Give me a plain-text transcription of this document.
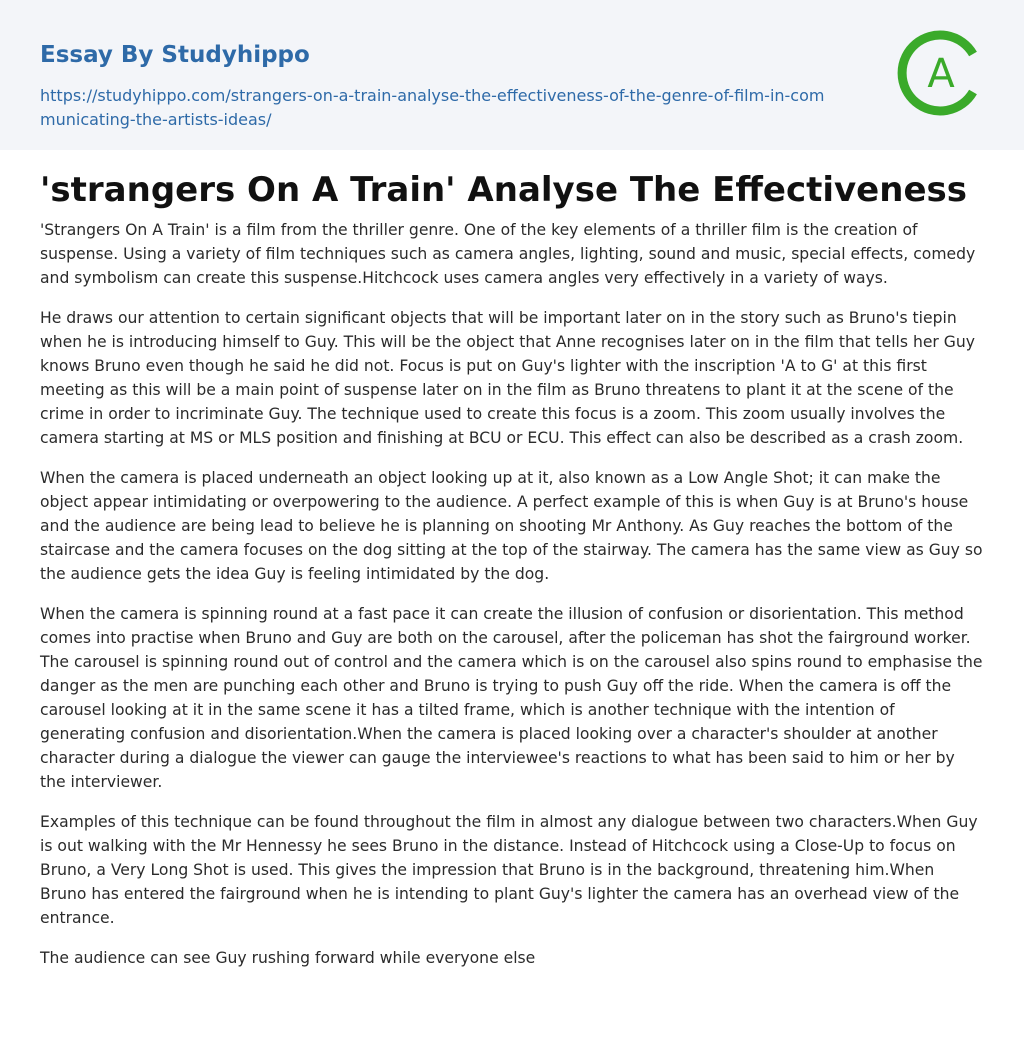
Essay By Studyhippo
https://studyhippo.com/strangers-on-a-train-analyse-the-effectiveness-of-the-genre-of-film-in-communicating-the-artists-ideas/
A
'strangers On A Train' Analyse The Effectiveness

'Strangers On A Train' is a film from the thriller genre. One of the key elements of a thriller film is the creation of suspense. Using a variety of film techniques such as camera angles, lighting, sound and music, special effects, comedy and symbolism can create this suspense.Hitchcock uses camera angles very effectively in a variety of ways.

He draws our attention to certain significant objects that will be important later on in the story such as Bruno's tiepin when he is introducing himself to Guy. This will be the object that Anne recognises later on in the film that tells her Guy knows Bruno even though he said he did not. Focus is put on Guy's lighter with the inscription 'A to G' at this first meeting as this will be a main point of suspense later on in the film as Bruno threatens to plant it at the scene of the crime in order to incriminate Guy. The technique used to create this focus is a zoom. This zoom usually involves the camera starting at MS or MLS position and finishing at BCU or ECU. This effect can also be described as a crash zoom.

When the camera is placed underneath an object looking up at it, also known as a Low Angle Shot; it can make the object appear intimidating or overpowering to the audience. A perfect example of this is when Guy is at Bruno's house and the audience are being lead to believe he is planning on shooting Mr Anthony. As Guy reaches the bottom of the staircase and the camera focuses on the dog sitting at the top of the stairway. The camera has the same view as Guy so the audience gets the idea Guy is feeling intimidated by the dog.

When the camera is spinning round at a fast pace it can create the illusion of confusion or disorientation. This method comes into practise when Bruno and Guy are both on the carousel, after the policeman has shot the fairground worker. The carousel is spinning round out of control and the camera which is on the carousel also spins round to emphasise the danger as the men are punching each other and Bruno is trying to push Guy off the ride. When the camera is off the carousel looking at it in the same scene it has a tilted frame, which is another technique with the intention of generating confusion and disorientation.When the camera is placed looking over a character's shoulder at another character during a dialogue the viewer can gauge the interviewee's reactions to what has been said to him or her by the interviewer.

Examples of this technique can be found throughout the film in almost any dialogue between two characters.When Guy is out walking with the Mr Hennessy he sees Bruno in the distance. Instead of Hitchcock using a Close-Up to focus on Bruno, a Very Long Shot is used. This gives the impression that Bruno is in the background, threatening him.When Bruno has entered the fairground when he is intending to plant Guy's lighter the camera has an overhead view of the entrance.

The audience can see Guy rushing forward while everyone else
